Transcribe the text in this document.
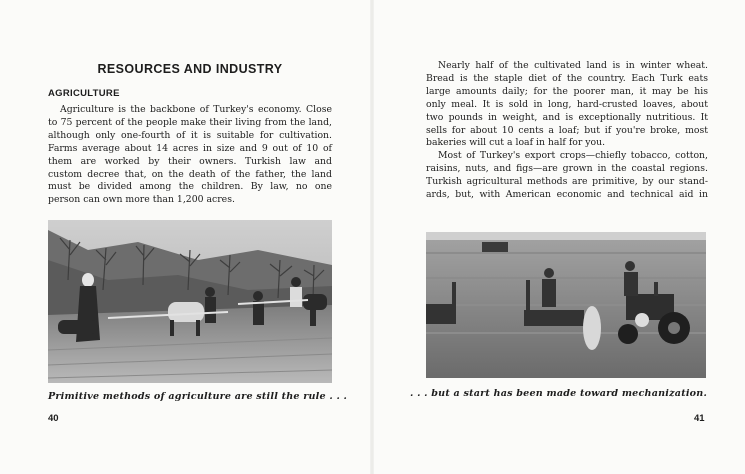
RESOURCES AND INDUSTRY
AGRICULTURE

Agriculture is the backbone of Turkey's economy. Close
to 75 percent of the people make their living from the land,
although only one-fourth of it is suitable for cultivation.
Farms average about 14 acres in size and 9 out of 10 of
them are worked by their owners. Turkish law and
custom decree that, on the death of the father, the land
must be divided among the children. By law, no one
person can own more than 1,200 acres.

Primitive methods of agriculture are still the rule . . .

40

Nearly half of the cultivated land is in winter wheat.
Bread is the staple diet of the country. Each Turk eats
large amounts daily; for the poorer man, it may be his
only meal. It is sold in long, hard-crusted loaves, about
two pounds in weight, and is exceptionally nutritious. It
sells for about 10 cents a loaf; but if you're broke, most
bakeries will cut a loaf in half for you.
Most of Turkey's export crops—chiefly tobacco, cotton,
raisins, nuts, and figs—are grown in the coastal regions.
Turkish agricultural methods are primitive, by our stand-
ards, but, with American economic and technical aid in

. . . but a start has been made toward mechanization.

41
